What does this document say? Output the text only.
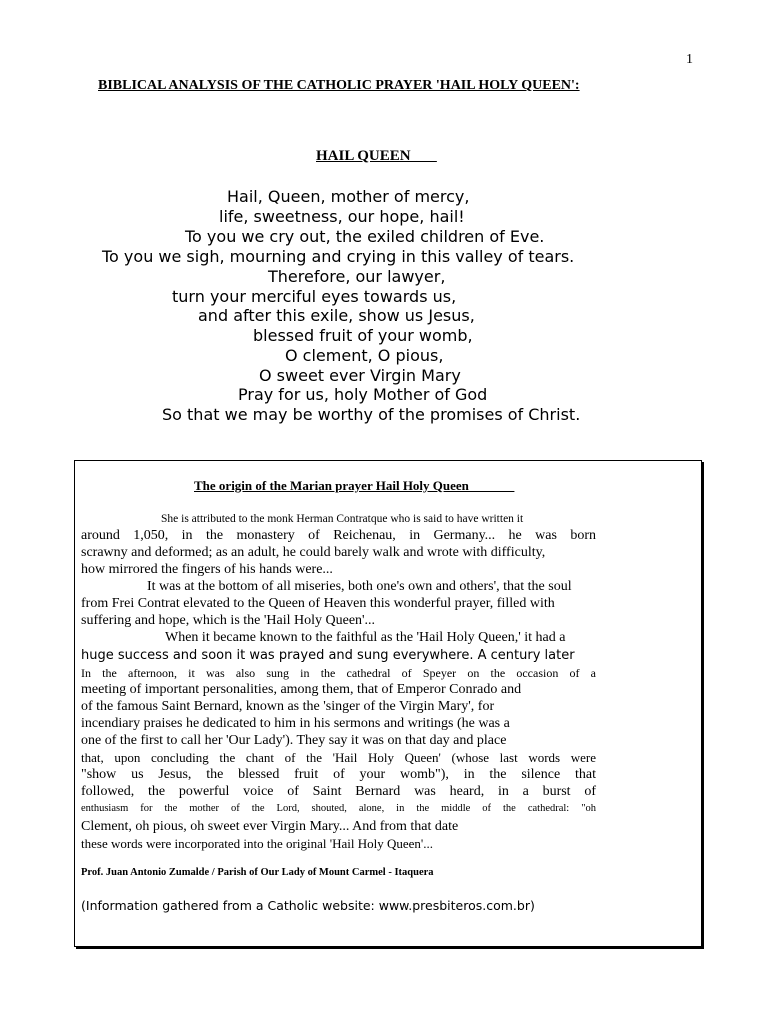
1
BIBLICAL ANALYSIS OF THE CATHOLIC PRAYER 'HAIL HOLY QUEEN':
HAIL QUEEN
Hail, Queen, mother of mercy,
life, sweetness, our hope, hail!
To you we cry out, the exiled children of Eve.
To you we sigh, mourning and crying in this valley of tears.
Therefore, our lawyer,
turn your merciful eyes towards us,
and after this exile, show us Jesus,
blessed fruit of your womb,
O clement, O pious,
O sweet ever Virgin Mary
Pray for us, holy Mother of God
So that we may be worthy of the promises of Christ.
The origin of the Marian prayer Hail Holy Queen
She is attributed to the monk Herman Contratque who is said to have written it
around 1,050, in the monastery of Reichenau, in Germany... he was born
scrawny and deformed; as an adult, he could barely walk and wrote with difficulty,
how mirrored the fingers of his hands were...
It was at the bottom of all miseries, both one's own and others', that the soul
from Frei Contrat elevated to the Queen of Heaven this wonderful prayer, filled with
suffering and hope, which is the 'Hail Holy Queen'...
When it became known to the faithful as the 'Hail Holy Queen,' it had a
huge success and soon it was prayed and sung everywhere. A century later
In the afternoon, it was also sung in the cathedral of Speyer on the occasion of a
meeting of important personalities, among them, that of Emperor Conrado and
of the famous Saint Bernard, known as the 'singer of the Virgin Mary', for
incendiary praises he dedicated to him in his sermons and writings (he was a
one of the first to call her 'Our Lady'). They say it was on that day and place
that, upon concluding the chant of the 'Hail Holy Queen' (whose last words were
"show us Jesus, the blessed fruit of your womb"), in the silence that
followed, the powerful voice of Saint Bernard was heard, in a burst of
enthusiasm for the mother of the Lord, shouted, alone, in the middle of the cathedral: "oh
Clement, oh pious, oh sweet ever Virgin Mary... And from that date
these words were incorporated into the original 'Hail Holy Queen'...
Prof. Juan Antonio Zumalde / Parish of Our Lady of Mount Carmel - Itaquera
(Information gathered from a Catholic website: www.presbiteros.com.br)
